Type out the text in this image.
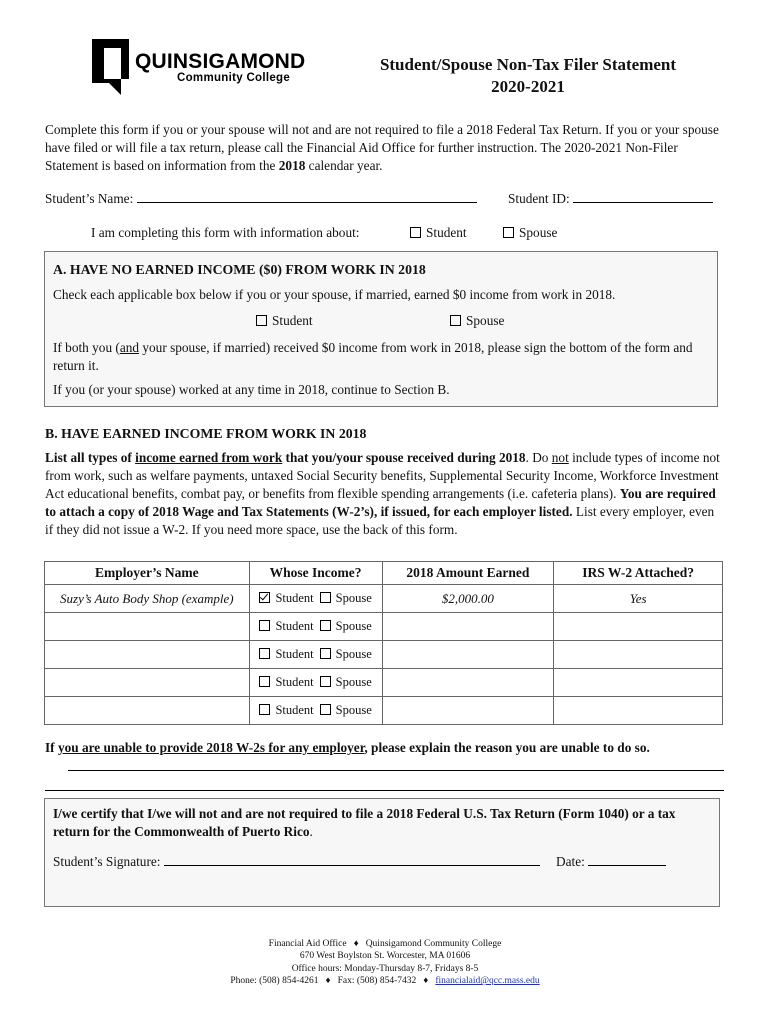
QUINSIGAMOND
Community College
Student/Spouse Non-Tax Filer Statement
2020-2021
Complete this form if you or your spouse will not and are not required to file a 2018 Federal Tax Return. If you or your spouse have filed or will file a tax return, please call the Financial Aid Office for further instruction. The 2020-2021 Non-Filer Statement is based on information from the 2018 calendar year.
Student’s Name:	Student ID:
I am completing this form with information about:	Student	Spouse
A. HAVE NO EARNED INCOME ($0) FROM WORK IN 2018
Check each applicable box below if you or your spouse, if married, earned $0 income from work in 2018.
Student	Spouse
If both you (and your spouse, if married) received $0 income from work in 2018, please sign the bottom of the form and return it.
If you (or your spouse) worked at any time in 2018, continue to Section B.
B. HAVE EARNED INCOME FROM WORK IN 2018
List all types of income earned from work that you/your spouse received during 2018. Do not include types of income not from work, such as welfare payments, untaxed Social Security benefits, Supplemental Security Income, Workforce Investment Act educational benefits, combat pay, or benefits from flexible spending arrangements (i.e. cafeteria plans). You are required to attach a copy of 2018 Wage and Tax Statements (W-2’s), if issued, for each employer listed. List every employer, even if they did not issue a W-2. If you need more space, use the back of this form.
Employer’s Name	Whose Income?	2018 Amount Earned	IRS W-2 Attached?
Suzy’s Auto Body Shop (example)	Student Spouse	$2,000.00	Yes
	Student Spouse		
	Student Spouse		
	Student Spouse		
	Student Spouse		
If you are unable to provide 2018 W-2s for any employer, please explain the reason you are unable to do so.
I/we certify that I/we will not and are not required to file a 2018 Federal U.S. Tax Return (Form 1040) or a tax return for the Commonwealth of Puerto Rico.
Student’s Signature:	Date:
Financial Aid Office ♦ Quinsigamond Community College
670 West Boylston St. Worcester, MA 01606
Office hours: Monday-Thursday 8-7, Fridays 8-5
Phone: (508) 854-4261 ♦ Fax: (508) 854-7432 ♦ financialaid@qcc.mass.edu
